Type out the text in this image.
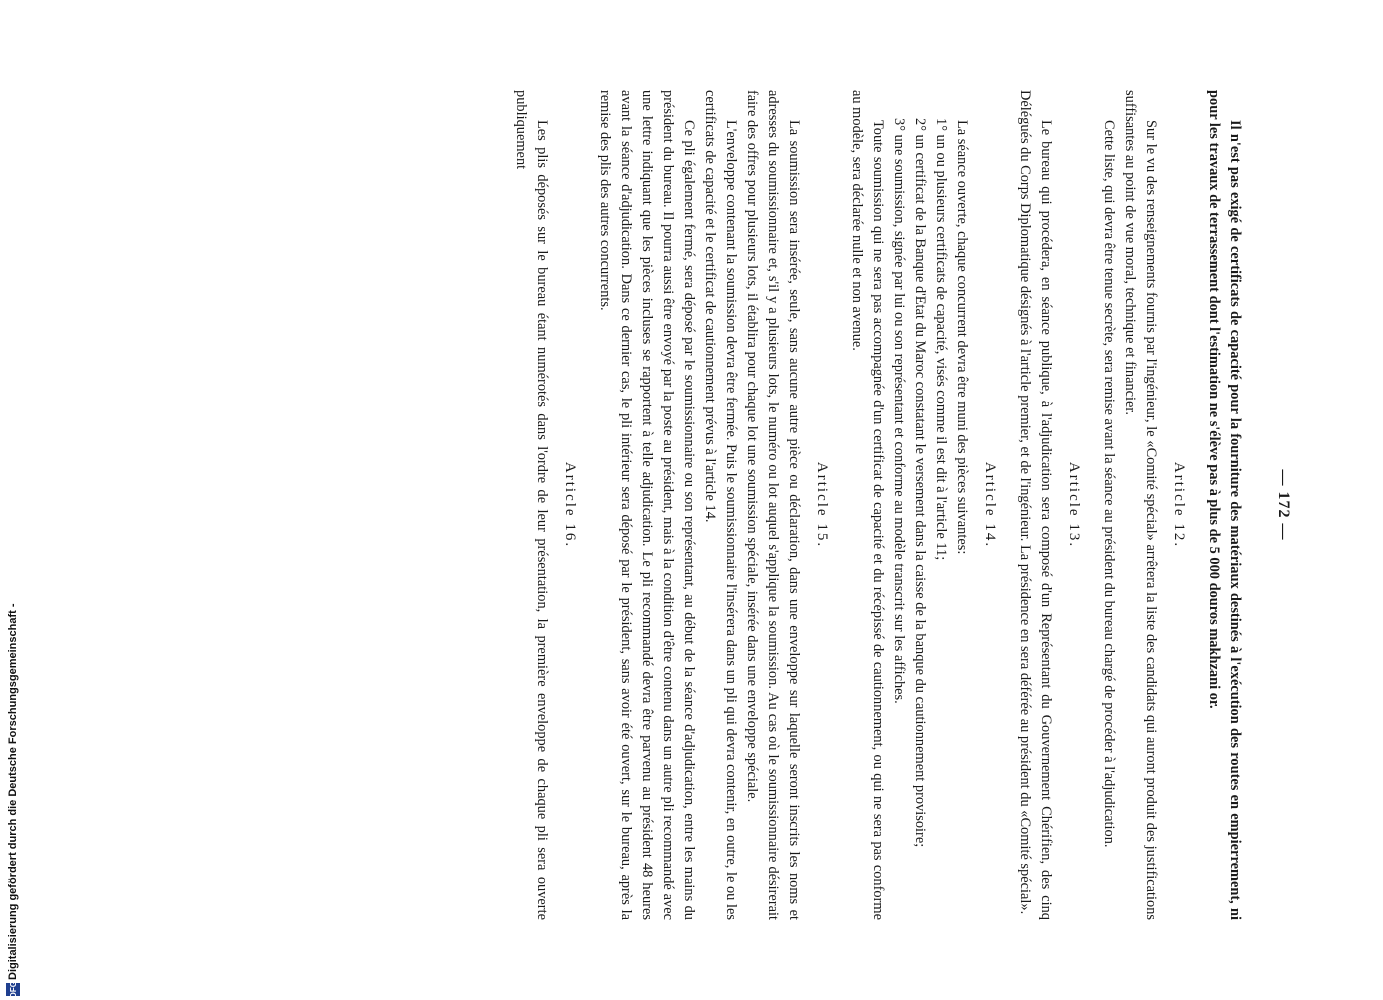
— 172 —

Il n'est pas exigé de certificats de capacité pour la fourniture des matériaux destinés à l'exécution des routes en empierrement, ni pour les travaux de terrassement dont l'estimation ne s'élève pas à plus de 5 000 douros makhzani or.

Article 12.

Sur le vu des renseignements fournis par l'ingénieur, le «Comité spécial» arrêtera la liste des candidats qui auront produit des justifications suffisantes au point de vue moral, technique et financier.

Cette liste, qui devra être tenue secrète, sera remise avant la séance au président du bureau chargé de procéder à l'adjudication.

Article 13.

Le bureau qui procédera, en séance publique, à l'adjudication sera composé d'un Représentant du Gouvernement Chérifien, des cinq Délégués du Corps Diplomatique désignés à l'article premier, et de l'ingénieur. La présidence en sera déférée au président du «Comité spécial».

Article 14.

La séance ouverte, chaque concurrent devra être muni des pièces suivantes:

1° un ou plusieurs certificats de capacité, visés comme il est dit à l'article 11;

2° un certificat de la Banque d'Etat du Maroc constatant le versement dans la caisse de la banque du cautionnement provisoire;

3° une soumission, signée par lui ou son représentant et conforme au modèle transcrit sur les affiches.

Toute soumission qui ne sera pas accompagnée d'un certificat de capacité et du récépissé de cautionnement, ou qui ne sera pas conforme au modèle, sera déclarée nulle et non avenue.

Article 15.

La soumission sera insérée, seule, sans aucune autre pièce ou déclaration, dans une enveloppe sur laquelle seront inscrits les noms et adresses du soumissionnaire et, s'il y a plusieurs lots, le numéro ou lot auquel s'applique la soumission. Au cas où le soumissionnaire désirerait faire des offres pour plusieurs lots, il établira pour chaque lot une soumission spéciale, insérée dans une enveloppe spéciale.

L'enveloppe contenant la soumission devra être fermée. Puis le soumissionnaire l'insérera dans un pli qui devra contenir, en outre, le ou les certificats de capacité et le certificat de cautionnement prévus à l'article 14.

Ce pli également fermé, sera déposé par le soumissionnaire ou son représentant, au début de la séance d'adjudication, entre les mains du président du bureau. Il pourra aussi être envoyé par la poste au président, mais à la condition d'être contenu dans un autre pli recommandé avec une lettre indiquant que les pièces incluses se rapportent à telle adjudication. Le pli recommandé devra être parvenu au président 48 heures avant la séance d'adjudication. Dans ce dernier cas, le pli intérieur sera déposé par le président, sans avoir été ouvert, sur le bureau, après la remise des plis des autres concurrents.

Article 16.

Les plis déposés sur le bureau étant numérotés dans l'ordre de leur présentation, la première enveloppe de chaque pli sera ouverte publiquement

Digitalisierung gefördert durch die Deutsche Forschungsgemeinschaft -
DFG
